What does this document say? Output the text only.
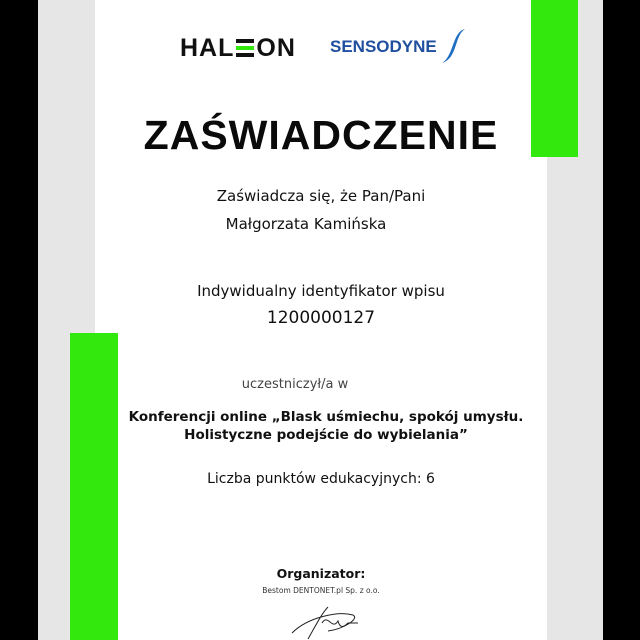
HAL ON SENSODYNE
ZAŚWIADCZENIE
Zaświadcza się, że Pan/Pani
Małgorzata Kamińska
Indywidualny identyfikator wpisu
1200000127
uczestniczył/a w
Konferencji online „Blask uśmiechu, spokój umysłu.
Holistyczne podejście do wybielania”
Liczba punktów edukacyjnych: 6
Organizator:
Bestom DENTONET.pl Sp. z o.o.
